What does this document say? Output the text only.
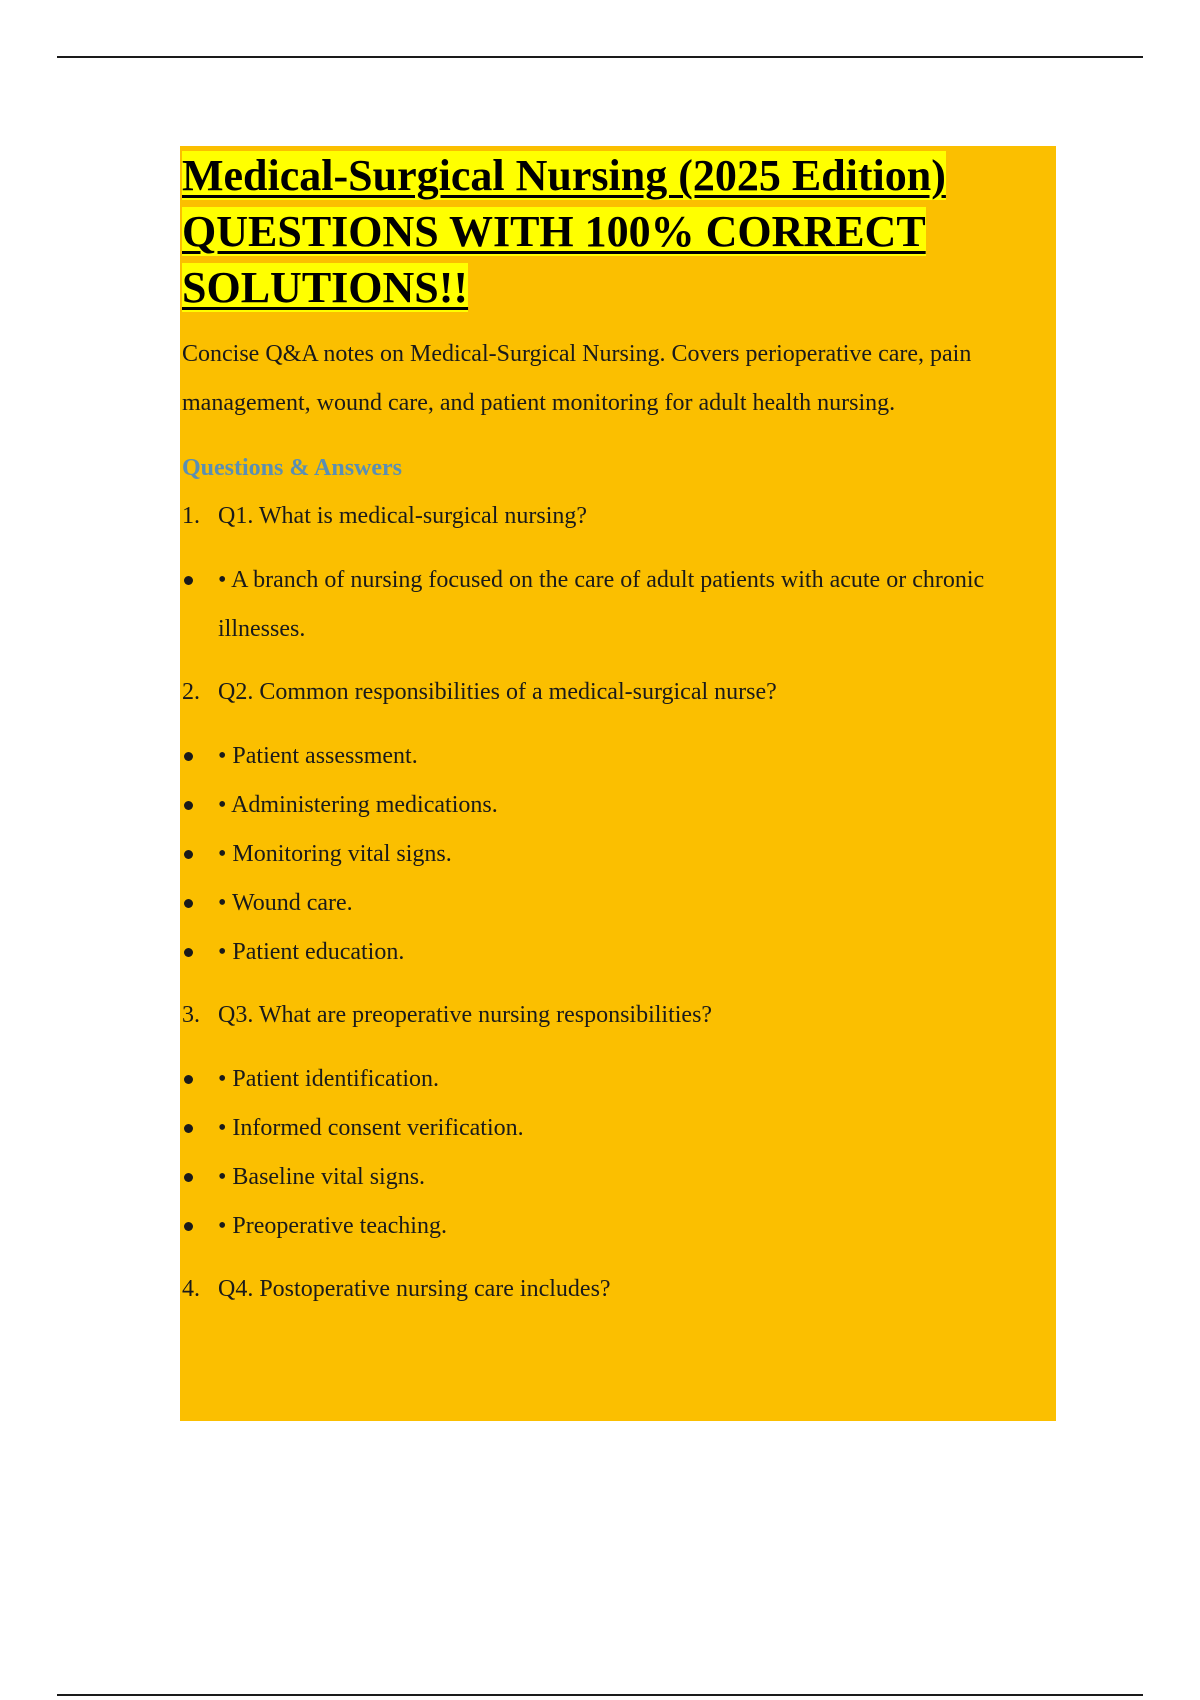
Medical-Surgical Nursing (2025 Edition)
QUESTIONS WITH 100% CORRECT
SOLUTIONS!!

Concise Q&A notes on Medical-Surgical Nursing. Covers perioperative care, pain management, wound care, and patient monitoring for adult health nursing.

Questions & Answers

1. Q1. What is medical-surgical nursing?

• A branch of nursing focused on the care of adult patients with acute or chronic illnesses.

2. Q2. Common responsibilities of a medical-surgical nurse?

• Patient assessment.
• Administering medications.
• Monitoring vital signs.
• Wound care.
• Patient education.

3. Q3. What are preoperative nursing responsibilities?

• Patient identification.
• Informed consent verification.
• Baseline vital signs.
• Preoperative teaching.

4. Q4. Postoperative nursing care includes?
